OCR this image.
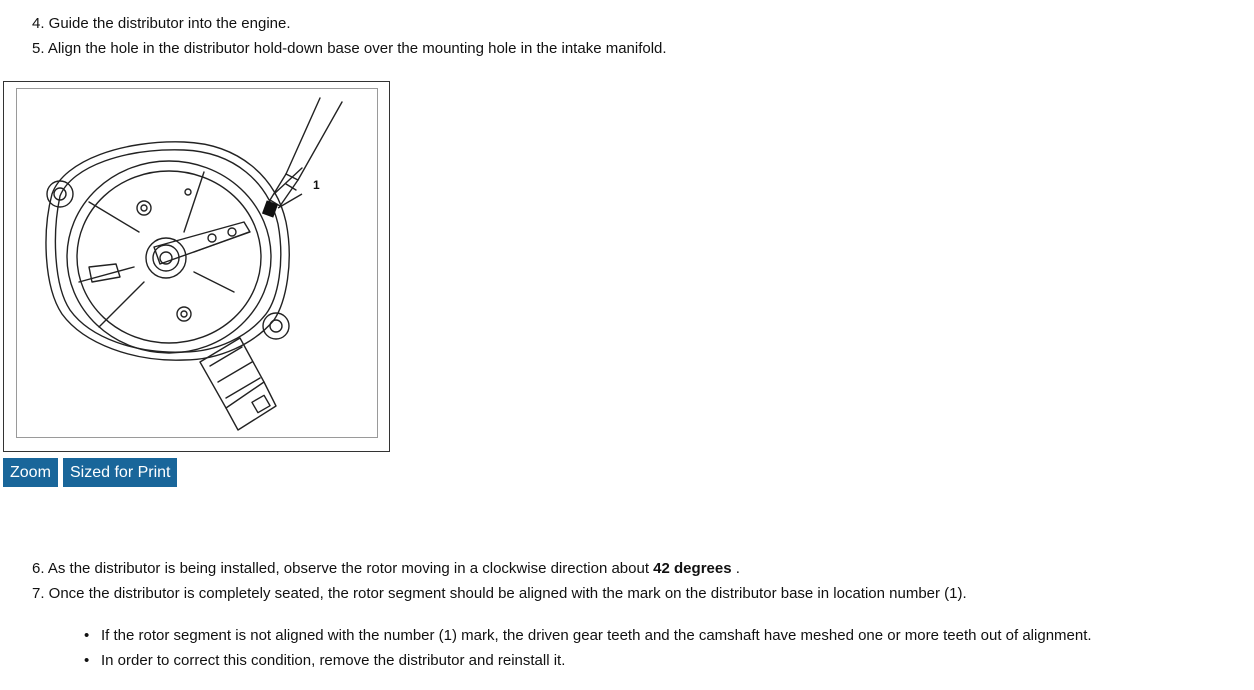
4. Guide the distributor into the engine.
5. Align the hole in the distributor hold-down base over the mounting hole in the intake manifold.
1
Zoom	Sized for Print
6. As the distributor is being installed, observe the rotor moving in a clockwise direction about 42 degrees .
7. Once the distributor is completely seated, the rotor segment should be aligned with the mark on the distributor base in location number (1).
• If the rotor segment is not aligned with the number (1) mark, the driven gear teeth and the camshaft have meshed one or more teeth out of alignment.
• In order to correct this condition, remove the distributor and reinstall it.
